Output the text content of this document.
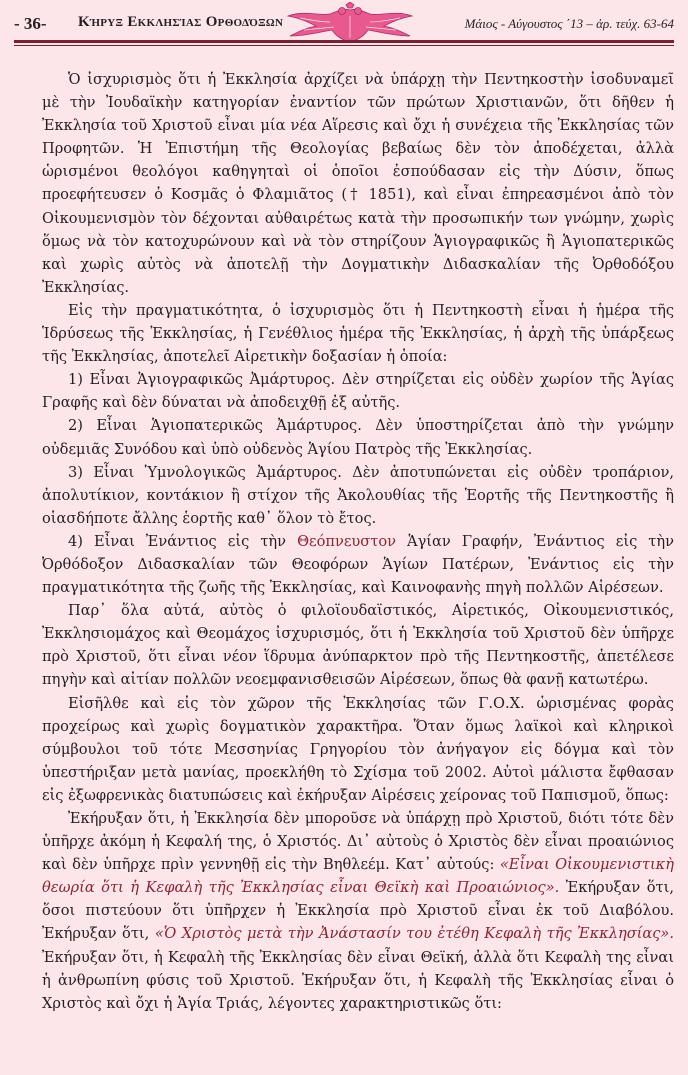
- 36- Κήρυξ Εκκλησίας Ορθοδόξων	Μάιος - Αύγουστος ΄13 – ἀρ. τεύχ. 63-64

Ὁ ἰσχυρισμὸς ὅτι ἡ Ἐκκλησία ἀρχίζει νὰ ὑπάρχῃ τὴν Πεντηκοστὴν ἰσοδυναμεῖ μὲ τὴν Ἰουδαϊκὴν κατηγορίαν ἐναντίον τῶν πρώτων Χριστιανῶν, ὅτι δῆθεν ἡ Ἐκκλησία τοῦ Χριστοῦ εἶναι μία νέα Αἵρεσις καὶ ὄχι ἡ συνέχεια τῆς Ἐκκλησίας τῶν Προφητῶν. Ἡ Ἐπιστήμη τῆς Θεολογίας βεβαίως δὲν τὸν ἀποδέχεται, ἀλλὰ ὡρισμένοι θεολόγοι καθηγηταὶ οἱ ὁποῖοι ἐσπούδασαν εἰς τὴν Δύσιν, ὅπως προεφήτευσεν ὁ Κοσμᾶς ὁ Φλαμιᾶτος († 1851), καὶ εἶναι ἐπηρεασμένοι ἀπὸ τὸν Οἰκουμενισμὸν τὸν δέχονται αὐθαιρέτως κατὰ τὴν προσωπικήν των γνώμην, χωρὶς ὅμως νὰ τὸν κατοχυρώνουν καὶ νὰ τὸν στηρίζουν Ἁγιογραφικῶς ἢ Ἁγιοπατερικῶς καὶ χωρὶς αὐτὸς νὰ ἀποτελῇ τὴν Δογματικὴν Διδασκαλίαν τῆς Ὀρθοδόξου Ἐκκλησίας.

Εἰς τὴν πραγματικότητα, ὁ ἰσχυρισμὸς ὅτι ἡ Πεντηκοστὴ εἶναι ἡ ἡμέρα τῆς Ἱδρύσεως τῆς Ἐκκλησίας, ἡ Γενέθλιος ἡμέρα τῆς Ἐκκλησίας, ἡ ἀρχὴ τῆς ὑπάρξεως τῆς Ἐκκλησίας, ἀποτελεῖ Αἱρετικὴν δοξασίαν ἡ ὁποία:

1) Εἶναι Ἁγιογραφικῶς Ἀμάρτυρος. Δὲν στηρίζεται εἰς οὐδὲν χωρίον τῆς Ἁγίας Γραφῆς καὶ δὲν δύναται νὰ ἀποδειχθῇ ἐξ αὐτῆς.

2) Εἶναι Ἁγιοπατερικῶς Ἀμάρτυρος. Δὲν ὑποστηρίζεται ἀπὸ τὴν γνώμην οὐδεμιᾶς Συνόδου καὶ ὑπὸ οὐδενὸς Ἁγίου Πατρὸς τῆς Ἐκκλησίας.

3) Εἶναι Ὑμνολογικῶς Ἀμάρτυρος. Δὲν ἀποτυπώνεται εἰς οὐδὲν τροπάριον, ἀπολυτίκιον, κοντάκιον ἢ στίχον τῆς Ἀκολουθίας τῆς Ἑορτῆς τῆς Πεντηκοστῆς ἢ οἱασδήποτε ἄλλης ἑορτῆς καθ᾽ ὅλον τὸ ἔτος.

4) Εἶναι Ἐνάντιος εἰς τὴν Θεόπνευστον Ἁγίαν Γραφήν, Ἐνάντιος εἰς τὴν Ὀρθόδοξον Διδασκαλίαν τῶν Θεοφόρων Ἁγίων Πατέρων, Ἐνάντιος εἰς τὴν πραγματικότητα τῆς ζωῆς τῆς Ἐκκλησίας, καὶ Καινοφανὴς πηγὴ πολλῶν Αἱρέσεων.

Παρ᾽ ὅλα αὐτά, αὐτὸς ὁ φιλοϊουδαϊστικός, Αἱρετικός, Οἰκουμενιστικός, Ἐκκλησιομάχος καὶ Θεομάχος ἰσχυρισμός, ὅτι ἡ Ἐκκλησία τοῦ Χριστοῦ δὲν ὑπῆρχε πρὸ Χριστοῦ, ὅτι εἶναι νέον ἵδρυμα ἀνύπαρκτον πρὸ τῆς Πεντηκοστῆς, ἀπετέλεσε πηγὴν καὶ αἰτίαν πολλῶν νεοεμφανισθεισῶν Αἱρέσεων, ὅπως θὰ φανῇ κατωτέρω.

Εἰσῆλθε καὶ εἰς τὸν χῶρον τῆς Ἐκκλησίας τῶν Γ.Ο.Χ. ὡρισμένας φορὰς προχείρως καὶ χωρὶς δογματικὸν χαρακτῆρα. Ὅταν ὅμως λαϊκοὶ καὶ κληρικοὶ σύμβουλοι τοῦ τότε Μεσσηνίας Γρηγορίου τὸν ἀνήγαγον εἰς δόγμα καὶ τὸν ὑπεστήριξαν μετὰ μανίας, προεκλήθη τὸ Σχίσμα τοῦ 2002. Αὐτοὶ μάλιστα ἔφθασαν εἰς ἐξωφρενικὰς διατυπώσεις καὶ ἐκήρυξαν Αἱρέσεις χείρονας τοῦ Παπισμοῦ, ὅπως:

Ἐκήρυξαν ὅτι, ἡ Ἐκκλησία δὲν μποροῦσε νὰ ὑπάρχῃ πρὸ Χριστοῦ, διότι τότε δὲν ὑπῆρχε ἀκόμη ἡ Κεφαλή της, ὁ Χριστός. Δι᾽ αὐτοὺς ὁ Χριστὸς δὲν εἶναι προαιώνιος καὶ δὲν ὑπῆρχε πρὶν γεννηθῇ εἰς τὴν Βηθλεέμ. Κατ᾽ αὐτούς: «Εἶναι Οἰκουμενιστικὴ θεωρία ὅτι ἡ Κεφαλὴ τῆς Ἐκκλησίας εἶναι Θεϊκὴ καὶ Προαιώνιος». Ἐκήρυξαν ὅτι, ὅσοι πιστεύουν ὅτι ὑπῆρχεν ἡ Ἐκκλησία πρὸ Χριστοῦ εἶναι ἐκ τοῦ Διαβόλου. Ἐκήρυξαν ὅτι, «Ὁ Χριστὸς μετὰ τὴν Ἀνάστασίν του ἐτέθη Κεφαλὴ τῆς Ἐκκλησίας». Ἐκήρυξαν ὅτι, ἡ Κεφαλὴ τῆς Ἐκκλησίας δὲν εἶναι Θεϊκή, ἀλλὰ ὅτι Κεφαλὴ της εἶναι ἡ ἀνθρωπίνη φύσις τοῦ Χριστοῦ. Ἐκήρυξαν ὅτι, ἡ Κεφαλὴ τῆς Ἐκκλησίας εἶναι ὁ Χριστὸς καὶ ὄχι ἡ Ἁγία Τριάς, λέγοντες χαρακτηριστικῶς ὅτι:
